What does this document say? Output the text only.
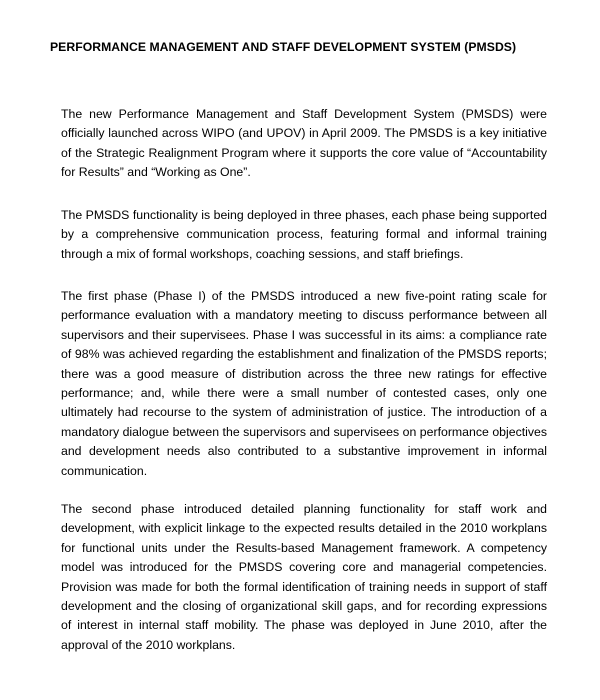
PERFORMANCE MANAGEMENT AND STAFF DEVELOPMENT SYSTEM (PMSDS)

The new Performance Management and Staff Development System (PMSDS) were officially launched across WIPO (and UPOV) in April 2009. The PMSDS is a key initiative of the Strategic Realignment Program where it supports the core value of “Accountability for Results” and “Working as One”.

The PMSDS functionality is being deployed in three phases, each phase being supported by a comprehensive communication process, featuring formal and informal training through a mix of formal workshops, coaching sessions, and staff briefings.

The first phase (Phase I) of the PMSDS introduced a new five-point rating scale for performance evaluation with a mandatory meeting to discuss performance between all supervisors and their supervisees. Phase I was successful in its aims: a compliance rate of 98% was achieved regarding the establishment and finalization of the PMSDS reports; there was a good measure of distribution across the three new ratings for effective performance; and, while there were a small number of contested cases, only one ultimately had recourse to the system of administration of justice. The introduction of a mandatory dialogue between the supervisors and supervisees on performance objectives and development needs also contributed to a substantive improvement in informal communication.

The second phase introduced detailed planning functionality for staff work and development, with explicit linkage to the expected results detailed in the 2010 workplans for functional units under the Results-based Management framework. A competency model was introduced for the PMSDS covering core and managerial competencies. Provision was made for both the formal identification of training needs in support of staff development and the closing of organizational skill gaps, and for recording expressions of interest in internal staff mobility. The phase was deployed in June 2010, after the approval of the 2010 workplans.
